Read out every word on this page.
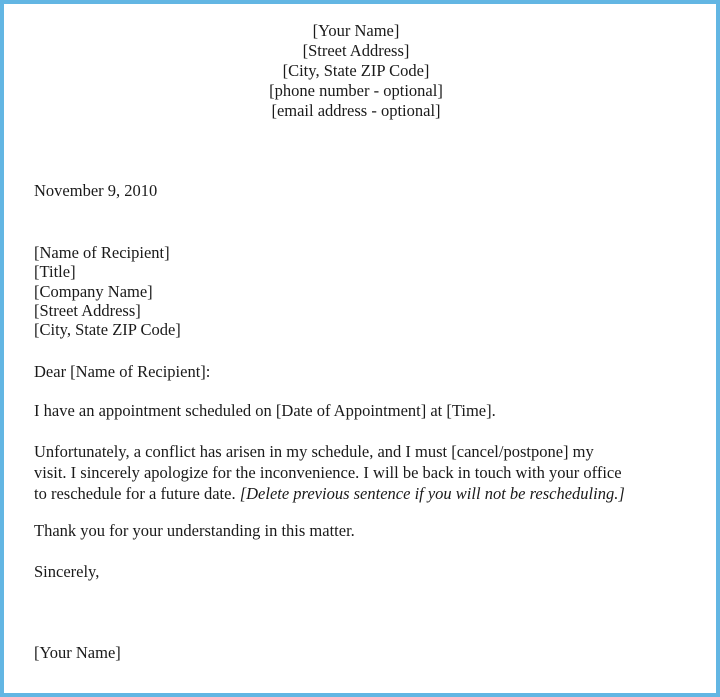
[Your Name]
[Street Address]
[City, State ZIP Code]
[phone number - optional]
[email address - optional]
November 9, 2010
[Name of Recipient]
[Title]
[Company Name]
[Street Address]
[City, State ZIP Code]
Dear [Name of Recipient]:
I have an appointment scheduled on [Date of Appointment] at [Time].
Unfortunately, a conflict has arisen in my schedule, and I must [cancel/postpone] my
visit. I sincerely apologize for the inconvenience. I will be back in touch with your office
to reschedule for a future date. [Delete previous sentence if you will not be rescheduling.]
Thank you for your understanding in this matter.
Sincerely,
[Your Name]
